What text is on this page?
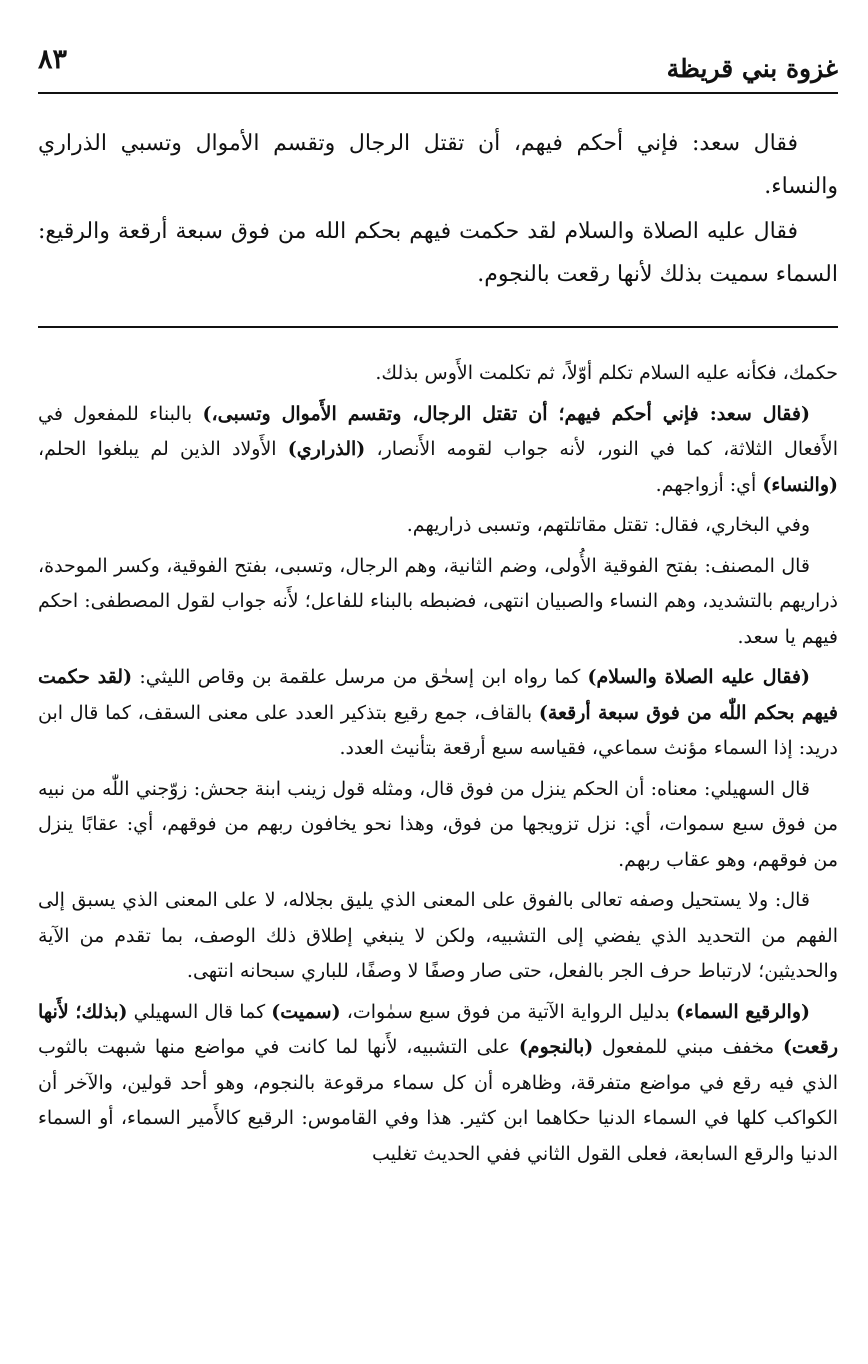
غزوة بني قريظة
٨٣

فقال سعد: فإني أحكم فيهم، أن تقتل الرجال وتقسم الأموال وتسبي الذراري والنساء.

فقال عليه الصلاة والسلام لقد حكمت فيهم بحكم الله من فوق سبعة أرقعة والرقيع: السماء سميت بذلك لأنها رقعت بالنجوم.

حكمك، فكأنه عليه السلام تكلم أوّلاً، ثم تكلمت الأَوس بذلك.

(فقال سعد: فإني أحكم فيهم؛ أن تقتل الرجال، وتقسم الأَموال وتسبى،) بالبناء للمفعول في الأَفعال الثلاثة، كما في النور، لأنه جواب لقومه الأَنصار، (الذراري) الأَولاد الذين لم يبلغوا الحلم، (والنساء) أي: أزواجهم.

وفي البخاري، فقال: تقتل مقاتلتهم، وتسبى ذراريهم.

قال المصنف: بفتح الفوقية الأُولى، وضم الثانية، وهم الرجال، وتسبى، بفتح الفوقية، وكسر الموحدة، ذراريهم بالتشديد، وهم النساء والصبيان انتهى، فضبطه بالبناء للفاعل؛ لأَنه جواب لقول المصطفى: احكم فيهم يا سعد.

(فقال عليه الصلاة والسلام) كما رواه ابن إسحٰق من مرسل علقمة بن وقاص الليثي: (لقد حكمت فيهم بحكم اللّٰه من فوق سبعة أرقعة) بالقاف، جمع رقيع بتذكير العدد على معنى السقف، كما قال ابن دريد: إذا السماء مؤنث سماعي، فقياسه سبع أرقعة بتأنيث العدد.

قال السهيلي: معناه: أن الحكم ينزل من فوق قال، ومثله قول زينب ابنة جحش: زوّجني اللّٰه من نبيه من فوق سبع سموات، أي: نزل تزويجها من فوق، وهذا نحو يخافون ربهم من فوقهم، أي: عقابًا ينزل من فوقهم، وهو عقاب ربهم.

قال: ولا يستحيل وصفه تعالى بالفوق على المعنى الذي يليق بجلاله، لا على المعنى الذي يسبق إلى الفهم من التحديد الذي يفضي إلى التشبيه، ولكن لا ينبغي إطلاق ذلك الوصف، بما تقدم من الآية والحديثين؛ لارتباط حرف الجر بالفعل، حتى صار وصفًا لا وصفًا، للباري سبحانه انتهى.

(والرقيع السماء) بدليل الرواية الآتية من فوق سبع سمٰوات، (سميت) كما قال السهيلي (بذلك؛ لأَنها رقعت) مخفف مبني للمفعول (بالنجوم) على التشبيه، لأَنها لما كانت في مواضع منها شبهت بالثوب الذي فيه رقع في مواضع متفرقة، وظاهره أن كل سماء مرقوعة بالنجوم، وهو أحد قولين، والآخر أن الكواكب كلها في السماء الدنيا حكاهما ابن كثير. هذا وفي القاموس: الرقيع كالأَمير السماء، أو السماء الدنيا والرقع السابعة، فعلى القول الثاني ففي الحديث تغليب
